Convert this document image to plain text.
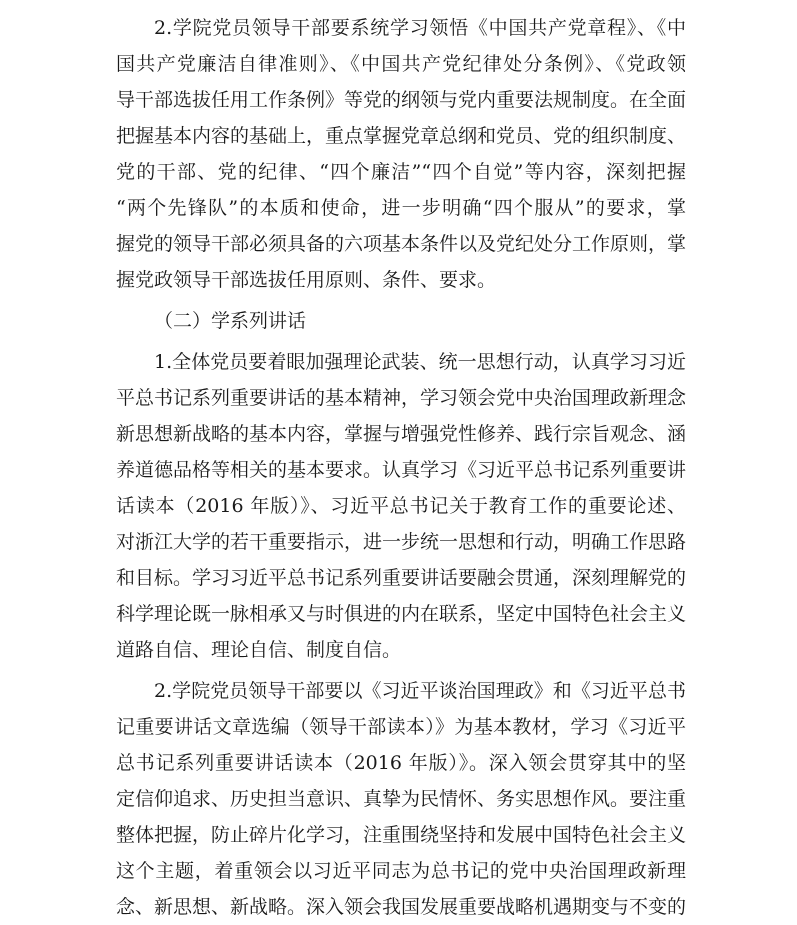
2.学院党员领导干部要系统学习领悟《中国共产党章程》、《中
国共产党廉洁自律准则》、《中国共产党纪律处分条例》、《党政领
导干部选拔任用工作条例》等党的纲领与党内重要法规制度。在全面
把握基本内容的基础上，重点掌握党章总纲和党员、党的组织制度、
党的干部、党的纪律、“四个廉洁”“四个自觉”等内容，深刻把握
“两个先锋队”的本质和使命，进一步明确“四个服从”的要求，掌
握党的领导干部必须具备的六项基本条件以及党纪处分工作原则，掌
握党政领导干部选拔任用原则、条件、要求。
（二）学系列讲话
1.全体党员要着眼加强理论武装、统一思想行动，认真学习习近
平总书记系列重要讲话的基本精神，学习领会党中央治国理政新理念
新思想新战略的基本内容，掌握与增强党性修养、践行宗旨观念、涵
养道德品格等相关的基本要求。认真学习《习近平总书记系列重要讲
话读本（2016 年版）》、习近平总书记关于教育工作的重要论述、
对浙江大学的若干重要指示，进一步统一思想和行动，明确工作思路
和目标。学习习近平总书记系列重要讲话要融会贯通，深刻理解党的
科学理论既一脉相承又与时俱进的内在联系，坚定中国特色社会主义
道路自信、理论自信、制度自信。
2.学院党员领导干部要以《习近平谈治国理政》和《习近平总书
记重要讲话文章选编（领导干部读本）》为基本教材，学习《习近平
总书记系列重要讲话读本（2016 年版）》。深入领会贯穿其中的坚
定信仰追求、历史担当意识、真挚为民情怀、务实思想作风。要注重
整体把握，防止碎片化学习，注重围绕坚持和发展中国特色社会主义
这个主题，着重领会以习近平同志为总书记的党中央治国理政新理
念、新思想、新战略。深入领会我国发展重要战略机遇期变与不变的
